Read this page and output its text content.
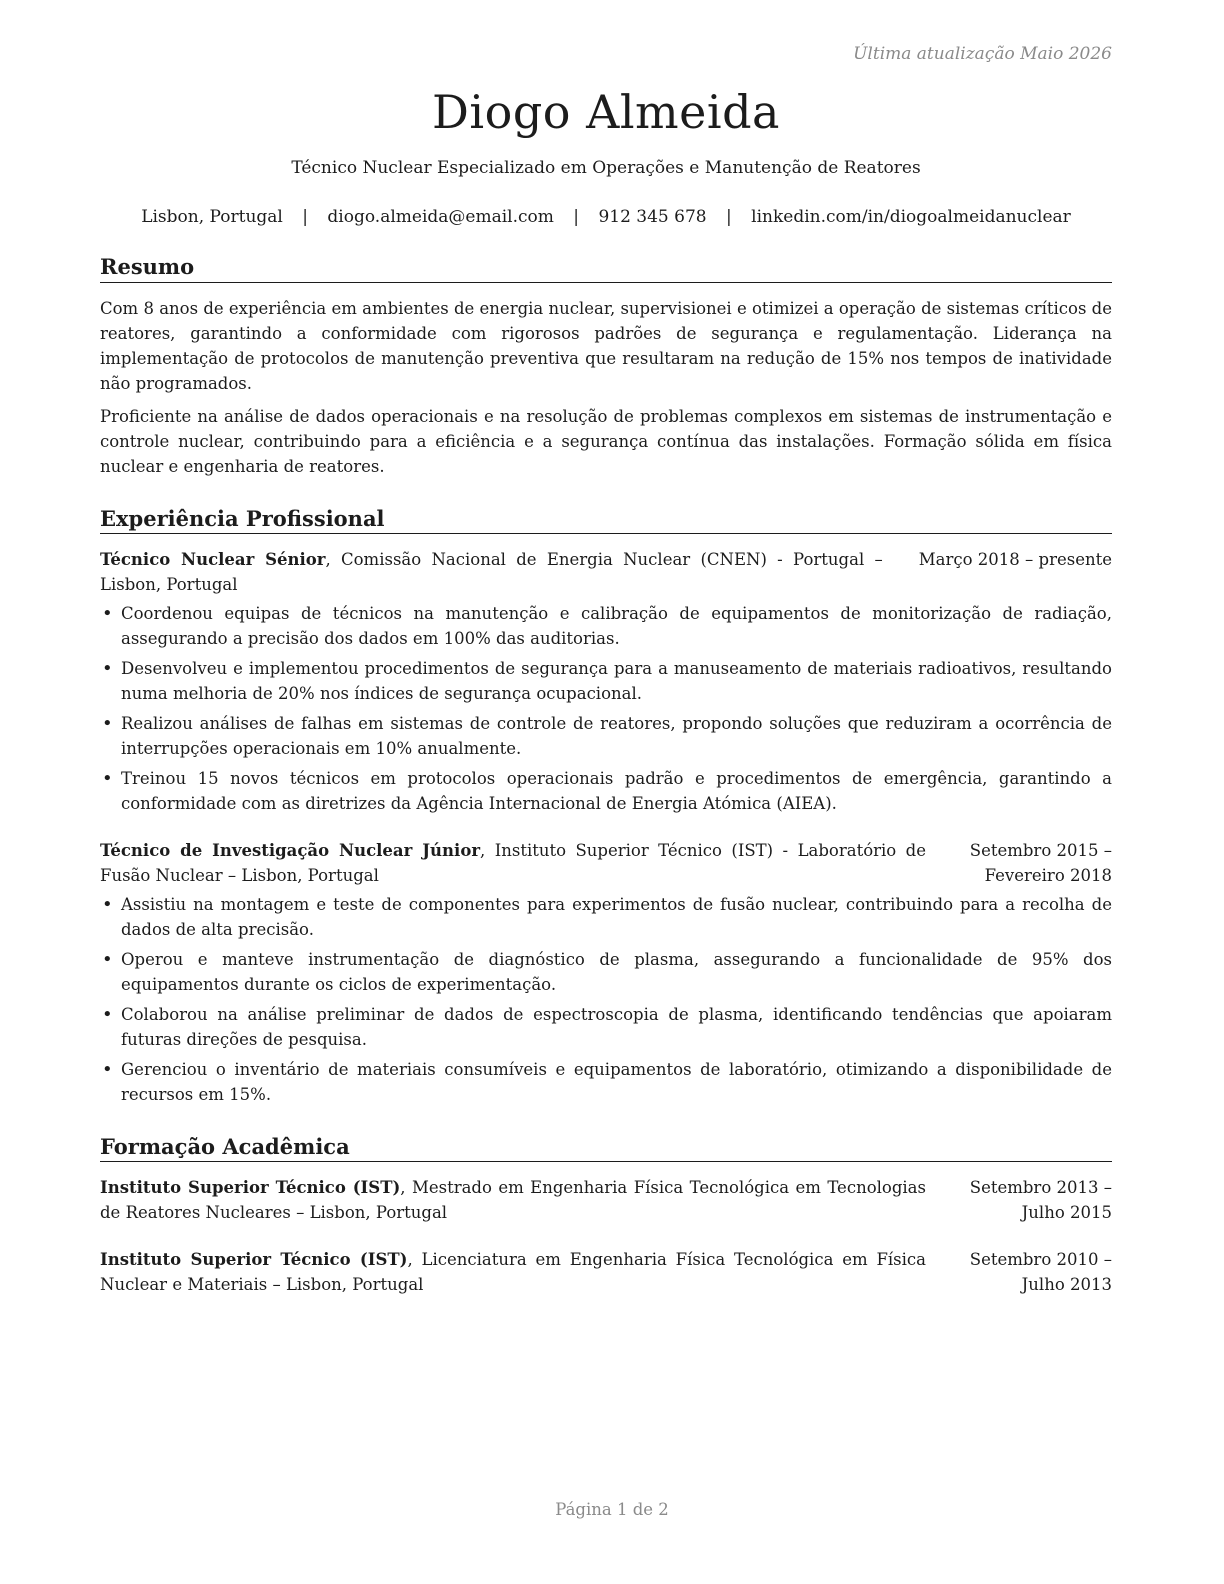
Última atualização Maio 2026
Diogo Almeida
Técnico Nuclear Especializado em Operações e Manutenção de Reatores
Lisbon, Portugal | diogo.almeida@email.com | 912 345 678 | linkedin.com/in/diogoalmeidanuclear
Resumo

Com 8 anos de experiência em ambientes de energia nuclear, supervisionei e otimizei a operação de sistemas críticos de reatores, garantindo a conformidade com rigorosos padrões de segurança e regulamentação. Liderança na implementação de protocolos de manutenção preventiva que resultaram na redução de 15% nos tempos de inatividade não programados.

Proficiente na análise de dados operacionais e na resolução de problemas complexos em sistemas de instrumentação e controle nuclear, contribuindo para a eficiência e a segurança contínua das instalações. Formação sólida em física nuclear e engenharia de reatores.

Experiência Profissional
Técnico Nuclear Sénior, Comissão Nacional de Energia Nuclear (CNEN) - Portugal – Lisbon, Portugal
Março 2018 – presente
• Coordenou equipas de técnicos na manutenção e calibração de equipamentos de monitorização de radiação, assegurando a precisão dos dados em 100% das auditorias.
• Desenvolveu e implementou procedimentos de segurança para a manuseamento de materiais radioativos, resultando numa melhoria de 20% nos índices de segurança ocupacional.
• Realizou análises de falhas em sistemas de controle de reatores, propondo soluções que reduziram a ocorrência de interrupções operacionais em 10% anualmente.
• Treinou 15 novos técnicos em protocolos operacionais padrão e procedimentos de emergência, garantindo a conformidade com as diretrizes da Agência Internacional de Energia Atómica (AIEA).
Técnico de Investigação Nuclear Júnior, Instituto Superior Técnico (IST) - Laboratório de Fusão Nuclear – Lisbon, Portugal
Setembro 2015 – Fevereiro 2018
• Assistiu na montagem e teste de componentes para experimentos de fusão nuclear, contribuindo para a recolha de dados de alta precisão.
• Operou e manteve instrumentação de diagnóstico de plasma, assegurando a funcionalidade de 95% dos equipamentos durante os ciclos de experimentação.
• Colaborou na análise preliminar de dados de espectroscopia de plasma, identificando tendências que apoiaram futuras direções de pesquisa.
• Gerenciou o inventário de materiais consumíveis e equipamentos de laboratório, otimizando a disponibilidade de recursos em 15%.
Formação Acadêmica
Instituto Superior Técnico (IST), Mestrado em Engenharia Física Tecnológica em Tecnologias de Reatores Nucleares – Lisbon, Portugal
Setembro 2013 – Julho 2015
Instituto Superior Técnico (IST), Licenciatura em Engenharia Física Tecnológica em Física Nuclear e Materiais – Lisbon, Portugal
Setembro 2010 – Julho 2013
Página 1 de 2
